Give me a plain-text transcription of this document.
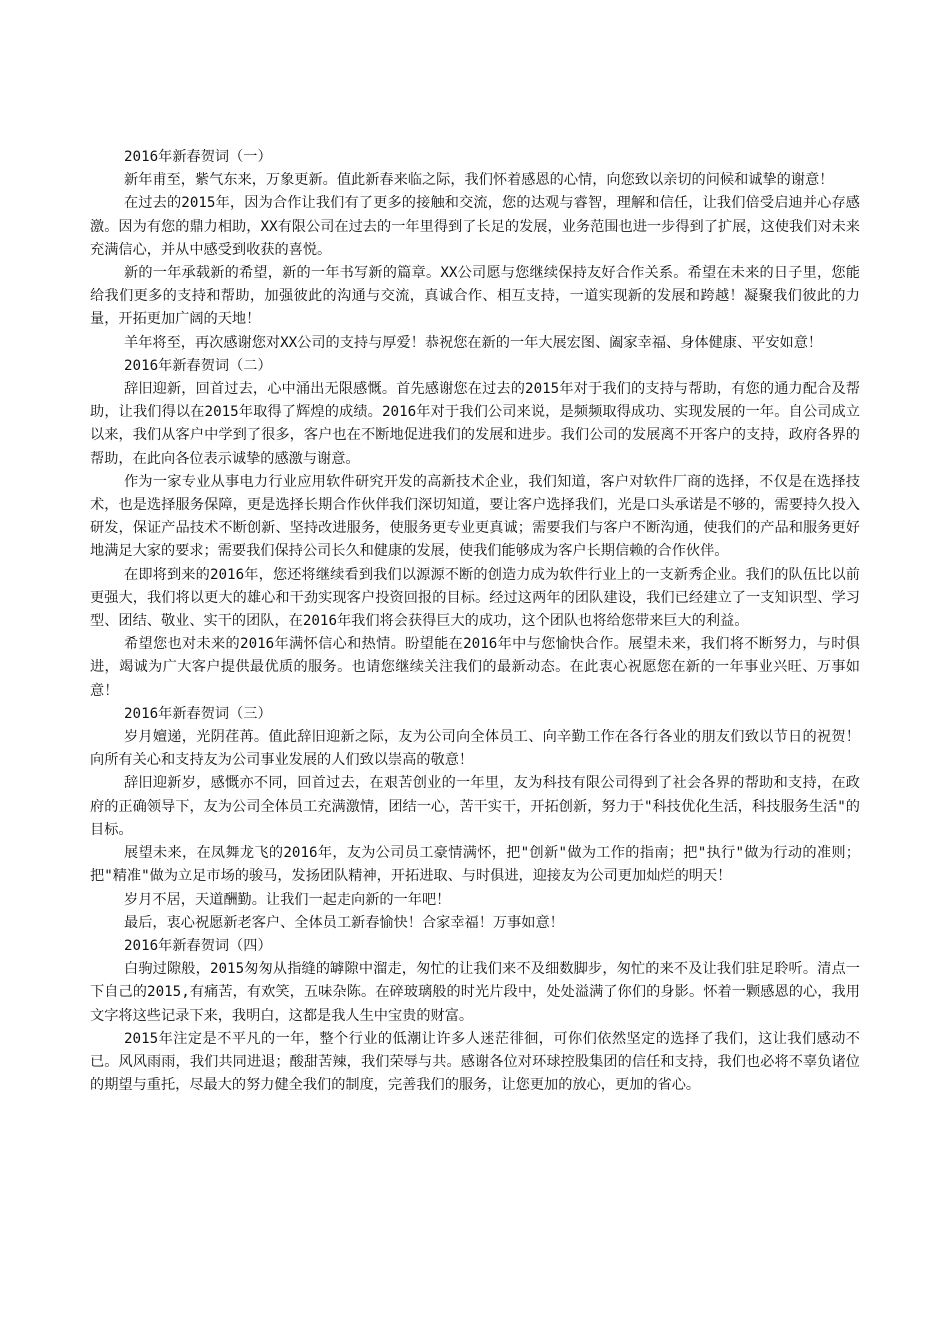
2016年新春贺词（一）

新年甫至，紫气东来，万象更新。值此新春来临之际，我们怀着感恩的心情，向您致以亲切的问候和诚挚的谢意！

在过去的2015年，因为合作让我们有了更多的接触和交流，您的达观与睿智，理解和信任，让我们倍受启迪并心存感激。因为有您的鼎力相助，XX有限公司在过去的一年里得到了长足的发展，业务范围也进一步得到了扩展，这使我们对未来充满信心，并从中感受到收获的喜悦。

新的一年承载新的希望，新的一年书写新的篇章。XX公司愿与您继续保持友好合作关系。希望在未来的日子里，您能给我们更多的支持和帮助，加强彼此的沟通与交流，真诚合作、相互支持，一道实现新的发展和跨越！凝聚我们彼此的力量，开拓更加广阔的天地！

羊年将至，再次感谢您对XX公司的支持与厚爱！恭祝您在新的一年大展宏图、阖家幸福、身体健康、平安如意！

2016年新春贺词（二）

辞旧迎新，回首过去，心中涌出无限感慨。首先感谢您在过去的2015年对于我们的支持与帮助，有您的通力配合及帮助，让我们得以在2015年取得了辉煌的成绩。2016年对于我们公司来说，是频频取得成功、实现发展的一年。自公司成立以来，我们从客户中学到了很多，客户也在不断地促进我们的发展和进步。我们公司的发展离不开客户的支持，政府各界的帮助，在此向各位表示诚挚的感激与谢意。

作为一家专业从事电力行业应用软件研究开发的高新技术企业，我们知道，客户对软件厂商的选择，不仅是在选择技术，也是选择服务保障，更是选择长期合作伙伴我们深切知道，要让客户选择我们，光是口头承诺是不够的，需要持久投入研发，保证产品技术不断创新、坚持改进服务，使服务更专业更真诚；需要我们与客户不断沟通，使我们的产品和服务更好地满足大家的要求；需要我们保持公司长久和健康的发展，使我们能够成为客户长期信赖的合作伙伴。

在即将到来的2016年，您还将继续看到我们以源源不断的创造力成为软件行业上的一支新秀企业。我们的队伍比以前更强大，我们将以更大的雄心和干劲实现客户投资回报的目标。经过这两年的团队建设，我们已经建立了一支知识型、学习型、团结、敬业、实干的团队，在2016年我们将会获得巨大的成功，这个团队也将给您带来巨大的利益。

希望您也对未来的2016年满怀信心和热情。盼望能在2016年中与您愉快合作。展望未来，我们将不断努力，与时俱进，竭诚为广大客户提供最优质的服务。也请您继续关注我们的最新动态。在此衷心祝愿您在新的一年事业兴旺、万事如意！

2016年新春贺词（三）

岁月嬗递，光阴荏苒。值此辞旧迎新之际，友为公司向全体员工、向辛勤工作在各行各业的朋友们致以节日的祝贺！向所有关心和支持友为公司事业发展的人们致以崇高的敬意！

辞旧迎新岁，感慨亦不同，回首过去，在艰苦创业的一年里，友为科技有限公司得到了社会各界的帮助和支持，在政府的正确领导下，友为公司全体员工充满激情，团结一心，苦干实干，开拓创新，努力于"科技优化生活，科技服务生活"的目标。

展望未来，在凤舞龙飞的2016年，友为公司员工豪情满怀，把"创新"做为工作的指南；把"执行"做为行动的准则；把"精准"做为立足市场的骏马，发扬团队精神，开拓进取、与时俱进，迎接友为公司更加灿烂的明天！

岁月不居，天道酬勤。让我们一起走向新的一年吧！

最后，衷心祝愿新老客户、全体员工新春愉快！合家幸福！万事如意！

2016年新春贺词（四）

白驹过隙般，2015匆匆从指缝的罅隙中溜走，匆忙的让我们来不及细数脚步，匆忙的来不及让我们驻足聆听。清点一下自己的2015,有痛苦，有欢笑，五味杂陈。在碎玻璃般的时光片段中，处处溢满了你们的身影。怀着一颗感恩的心，我用文字将这些记录下来，我明白，这都是我人生中宝贵的财富。

2015年注定是不平凡的一年，整个行业的低潮让许多人迷茫徘徊，可你们依然坚定的选择了我们，这让我们感动不已。风风雨雨，我们共同进退；酸甜苦辣，我们荣辱与共。感谢各位对环球控股集团的信任和支持，我们也必将不辜负诸位的期望与重托，尽最大的努力健全我们的制度，完善我们的服务，让您更加的放心，更加的省心。
